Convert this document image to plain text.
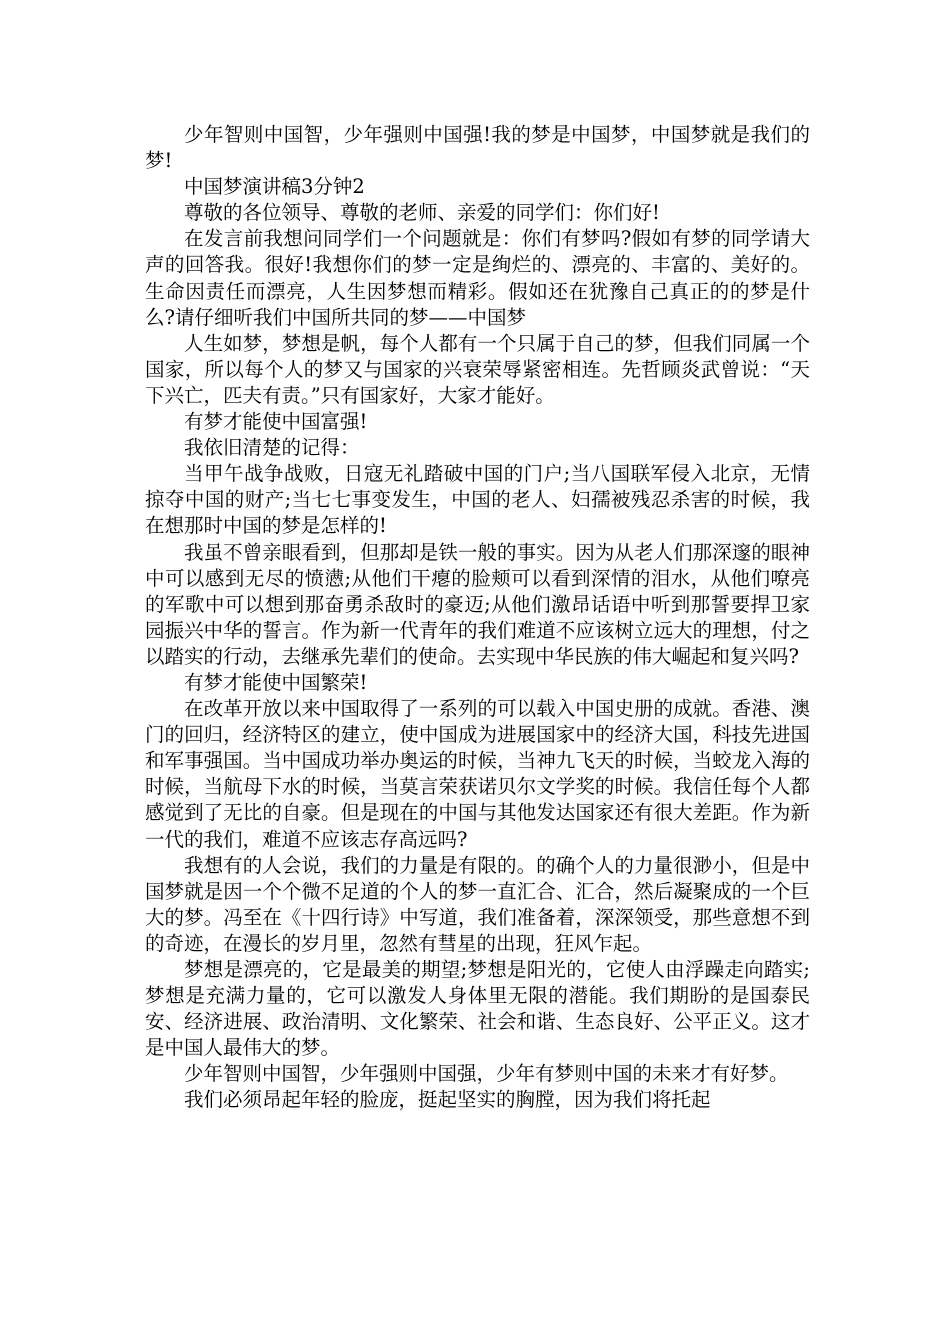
少年智则中国智，少年强则中国强!我的梦是中国梦，中国梦就是我们的梦!

中国梦演讲稿3分钟2

尊敬的各位领导、尊敬的老师、亲爱的同学们：你们好!

在发言前我想问同学们一个问题就是：你们有梦吗?假如有梦的同学请大声的回答我。很好!我想你们的梦一定是绚烂的、漂亮的、丰富的、美好的。生命因责任而漂亮，人生因梦想而精彩。假如还在犹豫自己真正的的梦是什么?请仔细听我们中国所共同的梦——中国梦

人生如梦，梦想是帆，每个人都有一个只属于自己的梦，但我们同属一个国家，所以每个人的梦又与国家的兴衰荣辱紧密相连。先哲顾炎武曾说：“天下兴亡，匹夫有责。”只有国家好，大家才能好。

有梦才能使中国富强!

我依旧清楚的记得：

当甲午战争战败，日寇无礼踏破中国的门户;当八国联军侵入北京，无情掠夺中国的财产;当七七事变发生，中国的老人、妇孺被残忍杀害的时候，我在想那时中国的梦是怎样的!

我虽不曾亲眼看到，但那却是铁一般的事实。因为从老人们那深邃的眼神中可以感到无尽的愤懑;从他们干瘪的脸颊可以看到深情的泪水，从他们嘹亮的军歌中可以想到那奋勇杀敌时的豪迈;从他们激昂话语中听到那誓要捍卫家园振兴中华的誓言。作为新一代青年的我们难道不应该树立远大的理想，付之以踏实的行动，去继承先辈们的使命。去实现中华民族的伟大崛起和复兴吗?

有梦才能使中国繁荣!

在改革开放以来中国取得了一系列的可以载入中国史册的成就。香港、澳门的回归，经济特区的建立，使中国成为进展国家中的经济大国，科技先进国和军事强国。当中国成功举办奥运的时候，当神九飞天的时候，当蛟龙入海的时候，当航母下水的时候，当莫言荣获诺贝尔文学奖的时候。我信任每个人都感觉到了无比的自豪。但是现在的中国与其他发达国家还有很大差距。作为新一代的我们，难道不应该志存高远吗?

我想有的人会说，我们的力量是有限的。的确个人的力量很渺小，但是中国梦就是因一个个微不足道的个人的梦一直汇合、汇合，然后凝聚成的一个巨大的梦。冯至在《十四行诗》中写道，我们准备着，深深领受，那些意想不到的奇迹，在漫长的岁月里，忽然有彗星的出现，狂风乍起。

梦想是漂亮的，它是最美的期望;梦想是阳光的，它使人由浮躁走向踏实;梦想是充满力量的，它可以激发人身体里无限的潜能。我们期盼的是国泰民安、经济进展、政治清明、文化繁荣、社会和谐、生态良好、公平正义。这才是中国人最伟大的梦。

少年智则中国智，少年强则中国强，少年有梦则中国的未来才有好梦。

我们必须昂起年轻的脸庞，挺起坚实的胸膛，因为我们将托起
